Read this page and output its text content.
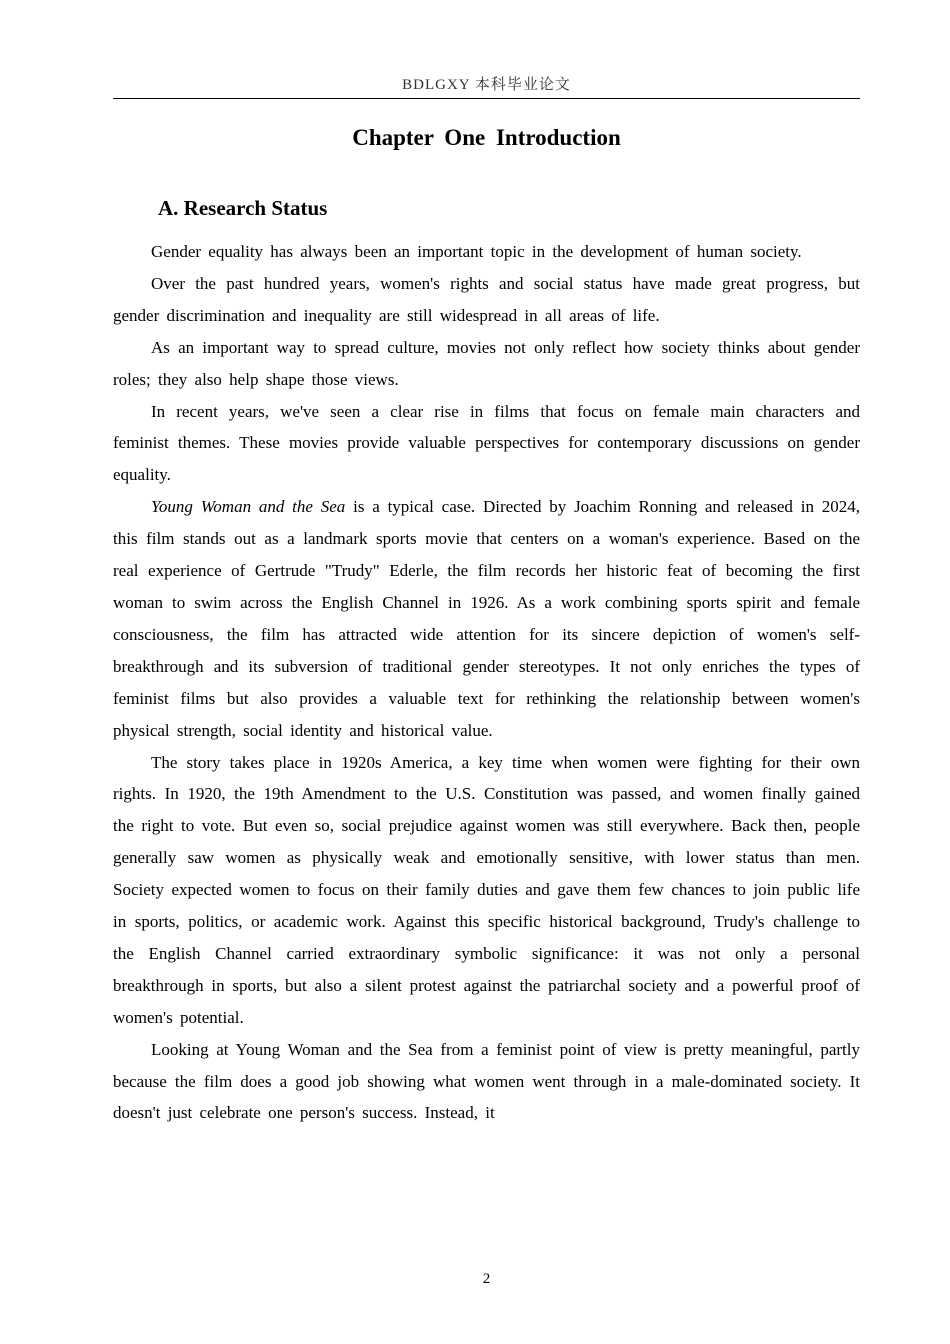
BDLGXY 本科毕业论文
Chapter One Introduction
A. Research Status

Gender equality has always been an important topic in the development of human society.

Over the past hundred years, women's rights and social status have made great progress, but gender discrimination and inequality are still widespread in all areas of life.

As an important way to spread culture, movies not only reflect how society thinks about gender roles; they also help shape those views.

In recent years, we've seen a clear rise in films that focus on female main characters and feminist themes. These movies provide valuable perspectives for contemporary discussions on gender equality.

Young Woman and the Sea is a typical case. Directed by Joachim Ronning and released in 2024, this film stands out as a landmark sports movie that centers on a woman's experience. Based on the real experience of Gertrude "Trudy" Ederle, the film records her historic feat of becoming the first woman to swim across the English Channel in 1926. As a work combining sports spirit and female consciousness, the film has attracted wide attention for its sincere depiction of women's self-breakthrough and its subversion of traditional gender stereotypes. It not only enriches the types of feminist films but also provides a valuable text for rethinking the relationship between women's physical strength, social identity and historical value.

The story takes place in 1920s America, a key time when women were fighting for their own rights. In 1920, the 19th Amendment to the U.S. Constitution was passed, and women finally gained the right to vote. But even so, social prejudice against women was still everywhere. Back then, people generally saw women as physically weak and emotionally sensitive, with lower status than men. Society expected women to focus on their family duties and gave them few chances to join public life in sports, politics, or academic work. Against this specific historical background, Trudy's challenge to the English Channel carried extraordinary symbolic significance: it was not only a personal breakthrough in sports, but also a silent protest against the patriarchal society and a powerful proof of women's potential.

Looking at Young Woman and the Sea from a feminist point of view is pretty meaningful, partly because the film does a good job showing what women went through in a male-dominated society. It doesn't just celebrate one person's success. Instead, it

2
